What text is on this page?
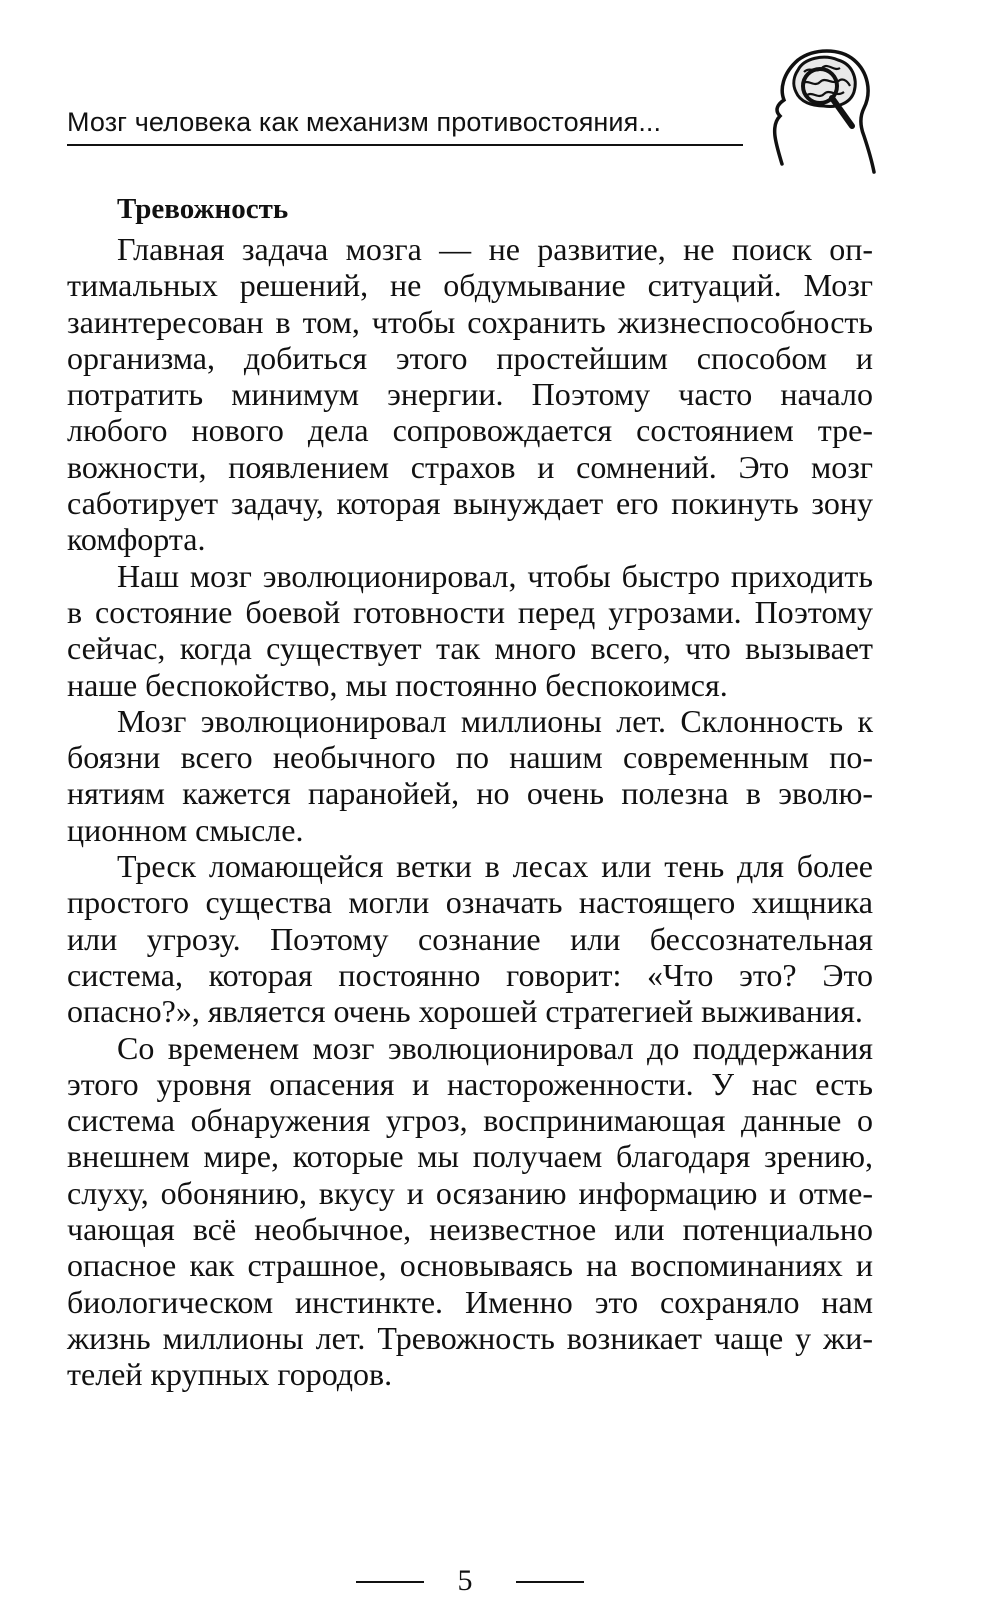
Мозг человека как механизм противостояния...
Тревожность

Главная задача мозга — не развитие, не поиск оптимальных решений, не обдумывание ситуаций. Мозг заинтересован в том, чтобы сохранить жизнеспособность организма, добиться этого простейшим способом и потратить минимум энергии. Поэтому часто начало любого нового дела сопровождается состоянием тревожности, появлением страхов и сомнений. Это мозг саботирует задачу, которая вынуждает его покинуть зону комфорта.

Наш мозг эволюционировал, чтобы быстро приходить в состояние боевой готовности перед угрозами. Поэтому сейчас, когда существует так много всего, что вызывает наше беспокойство, мы постоянно беспокоимся.

Мозг эволюционировал миллионы лет. Склонность к боязни всего необычного по нашим современным понятиям кажется паранойей, но очень полезна в эволюционном смысле.

Треск ломающейся ветки в лесах или тень для более простого существа могли означать настоящего хищника или угрозу. Поэтому сознание или бессознательная система, которая постоянно говорит: «Что это? Это опасно?», является очень хорошей стратегией выживания.

Со временем мозг эволюционировал до поддержания этого уровня опасения и настороженности. У нас есть система обнаружения угроз, воспринимающая данные о внешнем мире, которые мы получаем благодаря зрению, слуху, обонянию, вкусу и осязанию информацию и отмечающая всё необычное, неизвестное или потенциально опасное как страшное, основываясь на воспоминаниях и биологическом инстинкте. Именно это сохраняло нам жизнь миллионы лет. Тревожность возникает чаще у жителей крупных городов.

5
